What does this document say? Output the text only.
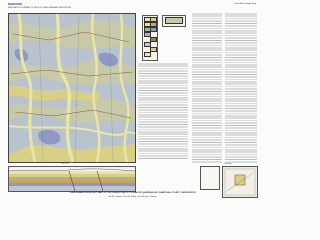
NMBGMR
NEW MEXICO BUREAU OF GEOLOGY AND MINERAL RESOURCES
Open-File Geologic Map
A — A'
PRELIMINARY GEOLOGIC MAP OF THE CERRO PRIETO 7.5-MINUTE QUADRANGLE, SANDOVAL COUNTY, NEW MEXICO
Kirt A. Kempter, Shari A. Kelley, and Jeffrey D. Koning
Location
